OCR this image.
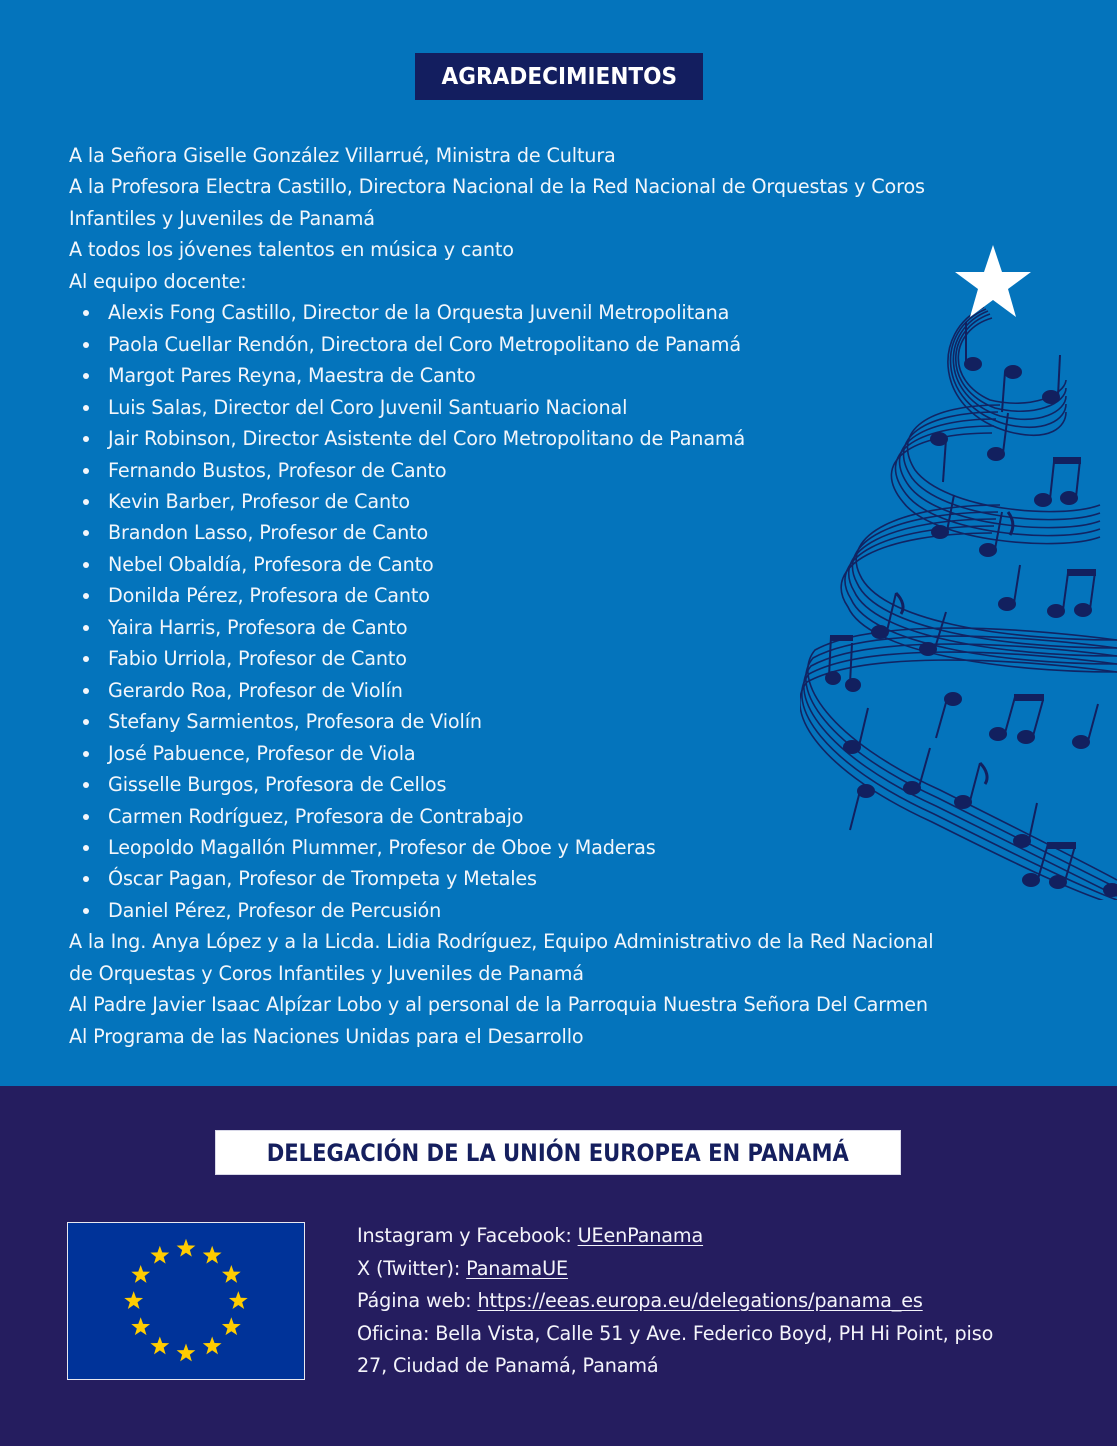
AGRADECIMIENTOS
A la Señora Giselle González Villarrué, Ministra de Cultura
A la Profesora Electra Castillo, Directora Nacional de la Red Nacional de Orquestas y Coros
Infantiles y Juveniles de Panamá
A todos los jóvenes talentos en música y canto
Al equipo docente:
Alexis Fong Castillo, Director de la Orquesta Juvenil Metropolitana
Paola Cuellar Rendón, Directora del Coro Metropolitano de Panamá
Margot Pares Reyna, Maestra de Canto
Luis Salas, Director del Coro Juvenil Santuario Nacional
Jair Robinson, Director Asistente del Coro Metropolitano de Panamá
Fernando Bustos, Profesor de Canto
Kevin Barber, Profesor de Canto
Brandon Lasso, Profesor de Canto
Nebel Obaldía, Profesora de Canto
Donilda Pérez, Profesora de Canto
Yaira Harris, Profesora de Canto
Fabio Urriola, Profesor de Canto
Gerardo Roa, Profesor de Violín
Stefany Sarmientos, Profesora de Violín
José Pabuence, Profesor de Viola
Gisselle Burgos, Profesora de Cellos
Carmen Rodríguez, Profesora de Contrabajo
Leopoldo Magallón Plummer, Profesor de Oboe y Maderas
Óscar Pagan, Profesor de Trompeta y Metales
Daniel Pérez, Profesor de Percusión
A la Ing. Anya López y a la Licda. Lidia Rodríguez, Equipo Administrativo de la Red Nacional
de Orquestas y Coros Infantiles y Juveniles de Panamá
Al Padre Javier Isaac Alpízar Lobo y al personal de la Parroquia Nuestra Señora Del Carmen
Al Programa de las Naciones Unidas para el Desarrollo
DELEGACIÓN DE LA UNIÓN EUROPEA EN PANAMÁ
Instagram y Facebook: UEenPanama
X (Twitter): PanamaUE
Página web: https://eeas.europa.eu/delegations/panama_es
Oficina: Bella Vista, Calle 51 y Ave. Federico Boyd, PH Hi Point, piso
27, Ciudad de Panamá, Panamá
